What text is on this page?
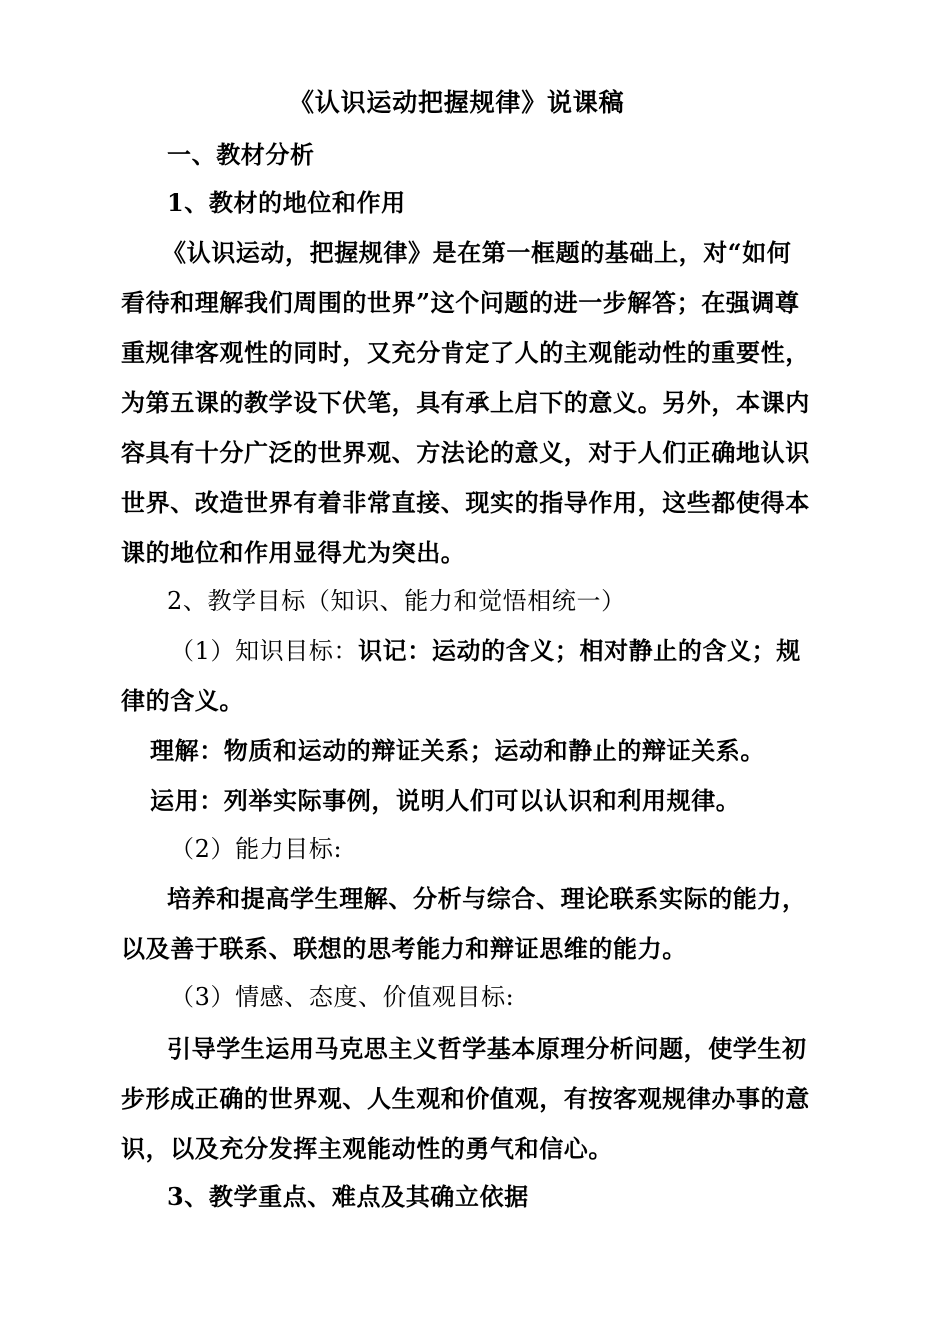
《认识运动把握规律》说课稿
一、教材分析
1、教材的地位和作用
《认识运动，把握规律》是在第一框题的基础上，对“如何
看待和理解我们周围的世界”这个问题的进一步解答；在强调尊
重规律客观性的同时，又充分肯定了人的主观能动性的重要性，
为第五课的教学设下伏笔，具有承上启下的意义。另外，本课内
容具有十分广泛的世界观、方法论的意义，对于人们正确地认识
世界、改造世界有着非常直接、现实的指导作用，这些都使得本
课的地位和作用显得尤为突出。
2、教学目标（知识、能力和觉悟相统一）
（1）知识目标：识记：运动的含义；相对静止的含义；规
律的含义。
理解：物质和运动的辩证关系；运动和静止的辩证关系。
运用：列举实际事例，说明人们可以认识和利用规律。
（2）能力目标:
培养和提高学生理解、分析与综合、理论联系实际的能力，
以及善于联系、联想的思考能力和辩证思维的能力。
（3）情感、态度、价值观目标:
引导学生运用马克思主义哲学基本原理分析问题，使学生初
步形成正确的世界观、人生观和价值观，有按客观规律办事的意
识，以及充分发挥主观能动性的勇气和信心。
3、教学重点、难点及其确立依据
